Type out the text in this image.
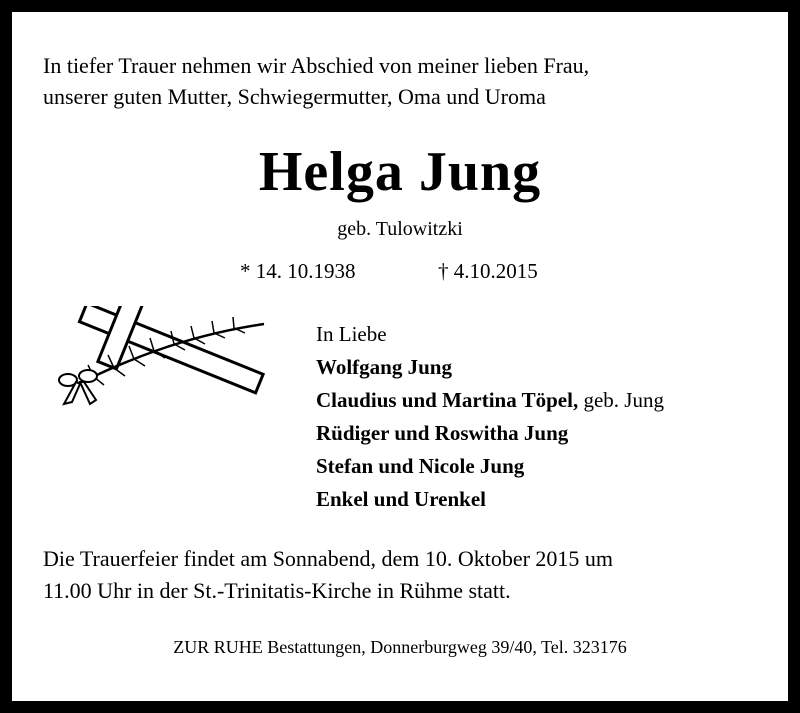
In tiefer Trauer nehmen wir Abschied von meiner lieben Frau,
unserer guten Mutter, Schwiegermutter, Oma und Uroma
Helga Jung
geb. Tulowitzki
* 14. 10.1938	† 4.10.2015
In Liebe
Wolfgang Jung
Claudius und Martina Töpel, geb. Jung
Rüdiger und Roswitha Jung
Stefan und Nicole Jung
Enkel und Urenkel
Die Trauerfeier findet am Sonnabend, dem 10. Oktober 2015 um
11.00 Uhr in der St.-Trinitatis-Kirche in Rühme statt.
ZUR RUHE Bestattungen, Donnerburgweg 39/40, Tel. 323176
